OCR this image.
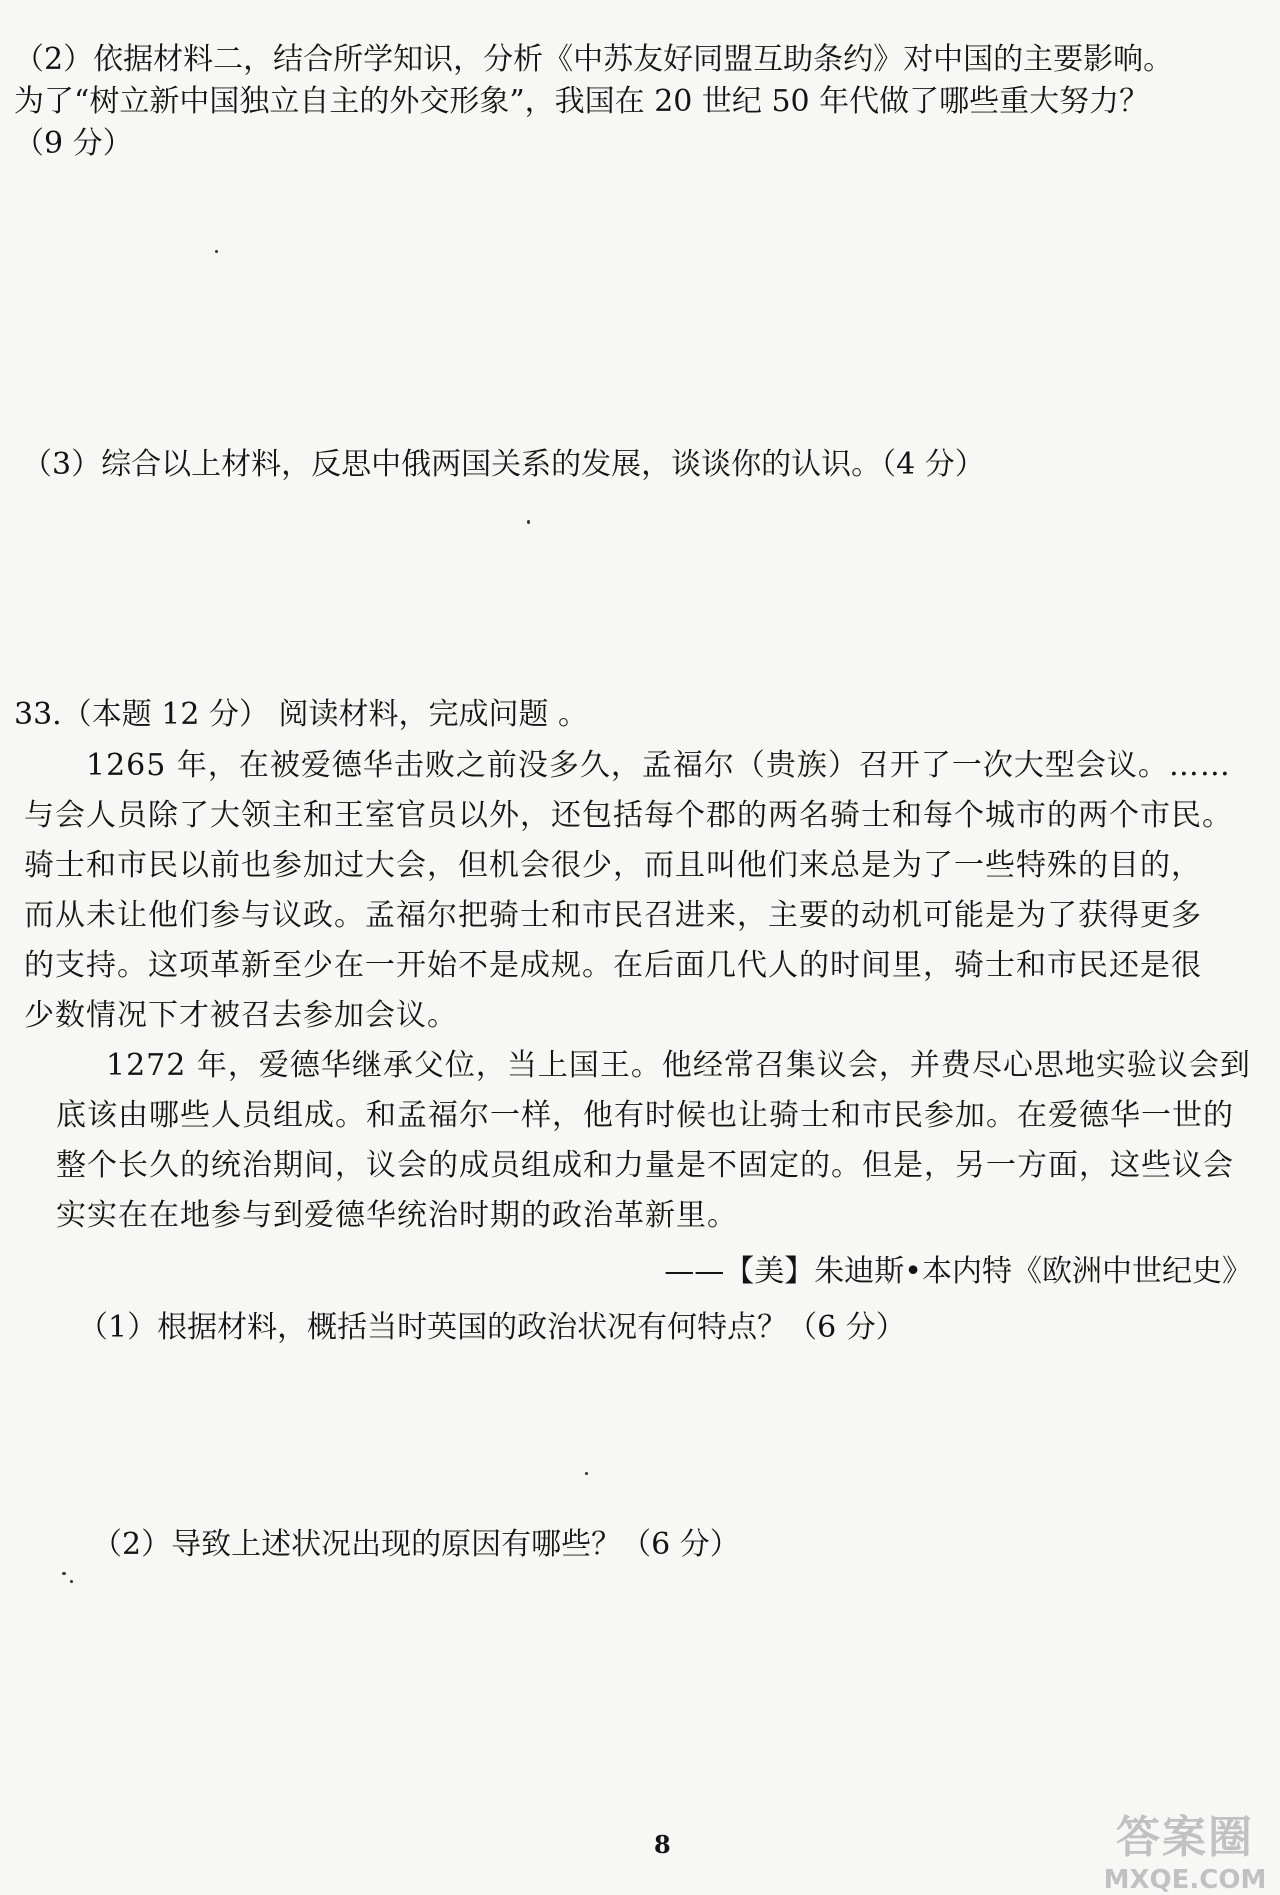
（2）依据材料二，结合所学知识，分析《中苏友好同盟互助条约》对中国的主要影响。
为了“树立新中国独立自主的外交形象”，我国在 20 世纪 50 年代做了哪些重大努力？
（9 分）
（3）综合以上材料，反思中俄两国关系的发展，谈谈你的认识。（4 分）
33.（本题 12 分） 阅读材料，完成问题 。
1265 年，在被爱德华击败之前没多久，孟福尔（贵族）召开了一次大型会议。……
与会人员除了大领主和王室官员以外，还包括每个郡的两名骑士和每个城市的两个市民。
骑士和市民以前也参加过大会，但机会很少，而且叫他们来总是为了一些特殊的目的，
而从未让他们参与议政。孟福尔把骑士和市民召进来，主要的动机可能是为了获得更多
的支持。这项革新至少在一开始不是成规。在后面几代人的时间里，骑士和市民还是很
少数情况下才被召去参加会议。
1272 年，爱德华继承父位，当上国王。他经常召集议会，并费尽心思地实验议会到
底该由哪些人员组成。和孟福尔一样，他有时候也让骑士和市民参加。在爱德华一世的
整个长久的统治期间，议会的成员组成和力量是不固定的。但是，另一方面，这些议会
实实在在地参与到爱德华统治时期的政治革新里。
——【美】朱迪斯•本内特《欧洲中世纪史》
（1）根据材料，概括当时英国的政治状况有何特点？（6 分）
（2）导致上述状况出现的原因有哪些？（6 分）
8	答案圈
MXQE.COM
